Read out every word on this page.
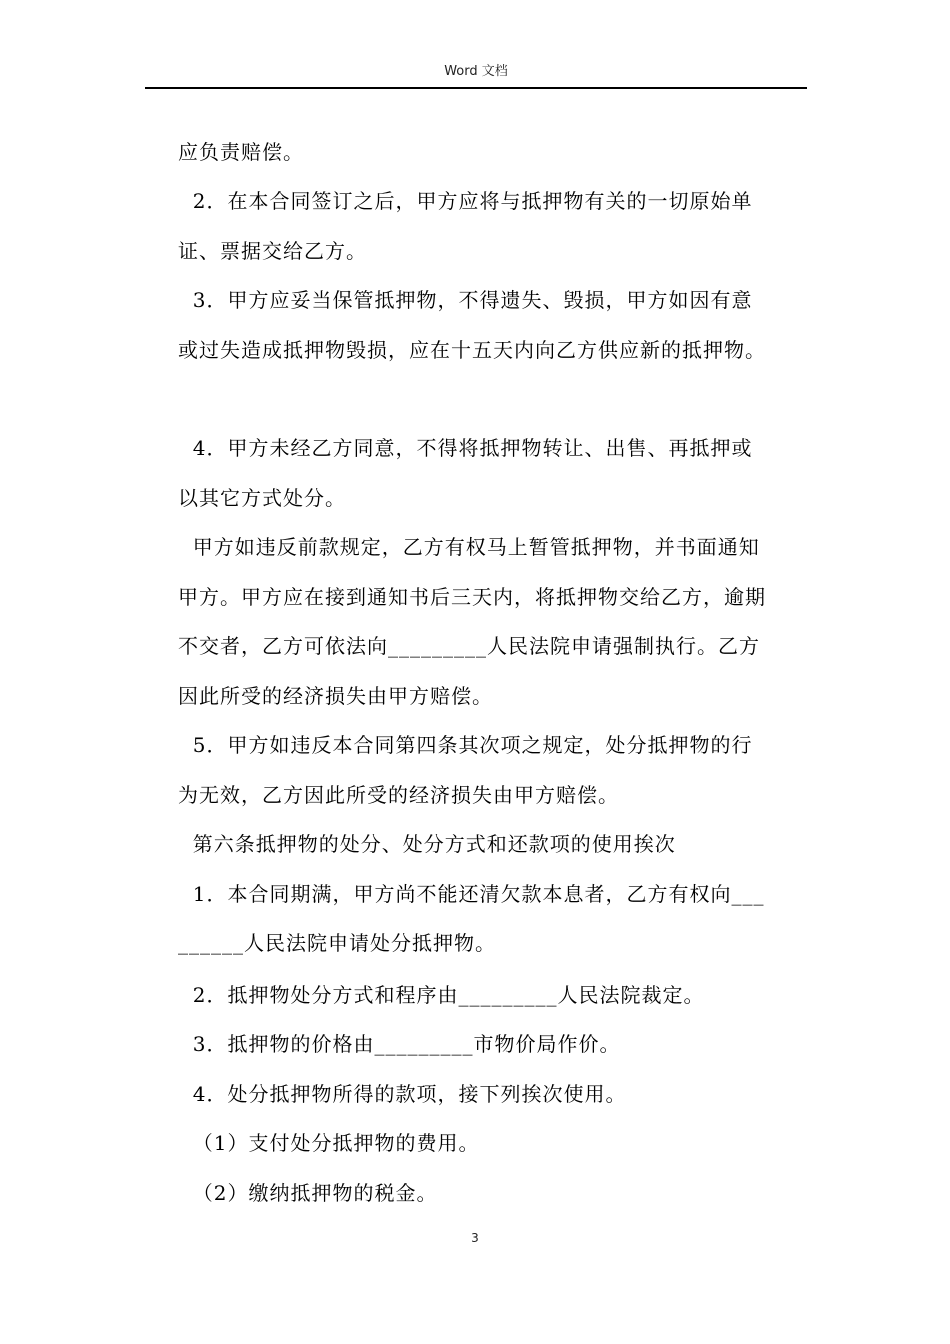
Word 文档
应负责赔偿。
2．在本合同签订之后，甲方应将与抵押物有关的一切原始单
证、票据交给乙方。
3．甲方应妥当保管抵押物，不得遗失、毁损，甲方如因有意
或过失造成抵押物毁损，应在十五天内向乙方供应新的抵押物。
4．甲方未经乙方同意，不得将抵押物转让、出售、再抵押或
以其它方式处分。
甲方如违反前款规定，乙方有权马上暂管抵押物，并书面通知
甲方。甲方应在接到通知书后三天内，将抵押物交给乙方，逾期
不交者，乙方可依法向_________人民法院申请强制执行。乙方
因此所受的经济损失由甲方赔偿。
5．甲方如违反本合同第四条其次项之规定，处分抵押物的行
为无效，乙方因此所受的经济损失由甲方赔偿。
第六条抵押物的处分、处分方式和还款项的使用挨次
1．本合同期满，甲方尚不能还清欠款本息者，乙方有权向___
______人民法院申请处分抵押物。
2．抵押物处分方式和程序由_________人民法院裁定。
3．抵押物的价格由_________市物价局作价。
4．处分抵押物所得的款项，接下列挨次使用。
（1）支付处分抵押物的费用。
（2）缴纳抵押物的税金。
3
